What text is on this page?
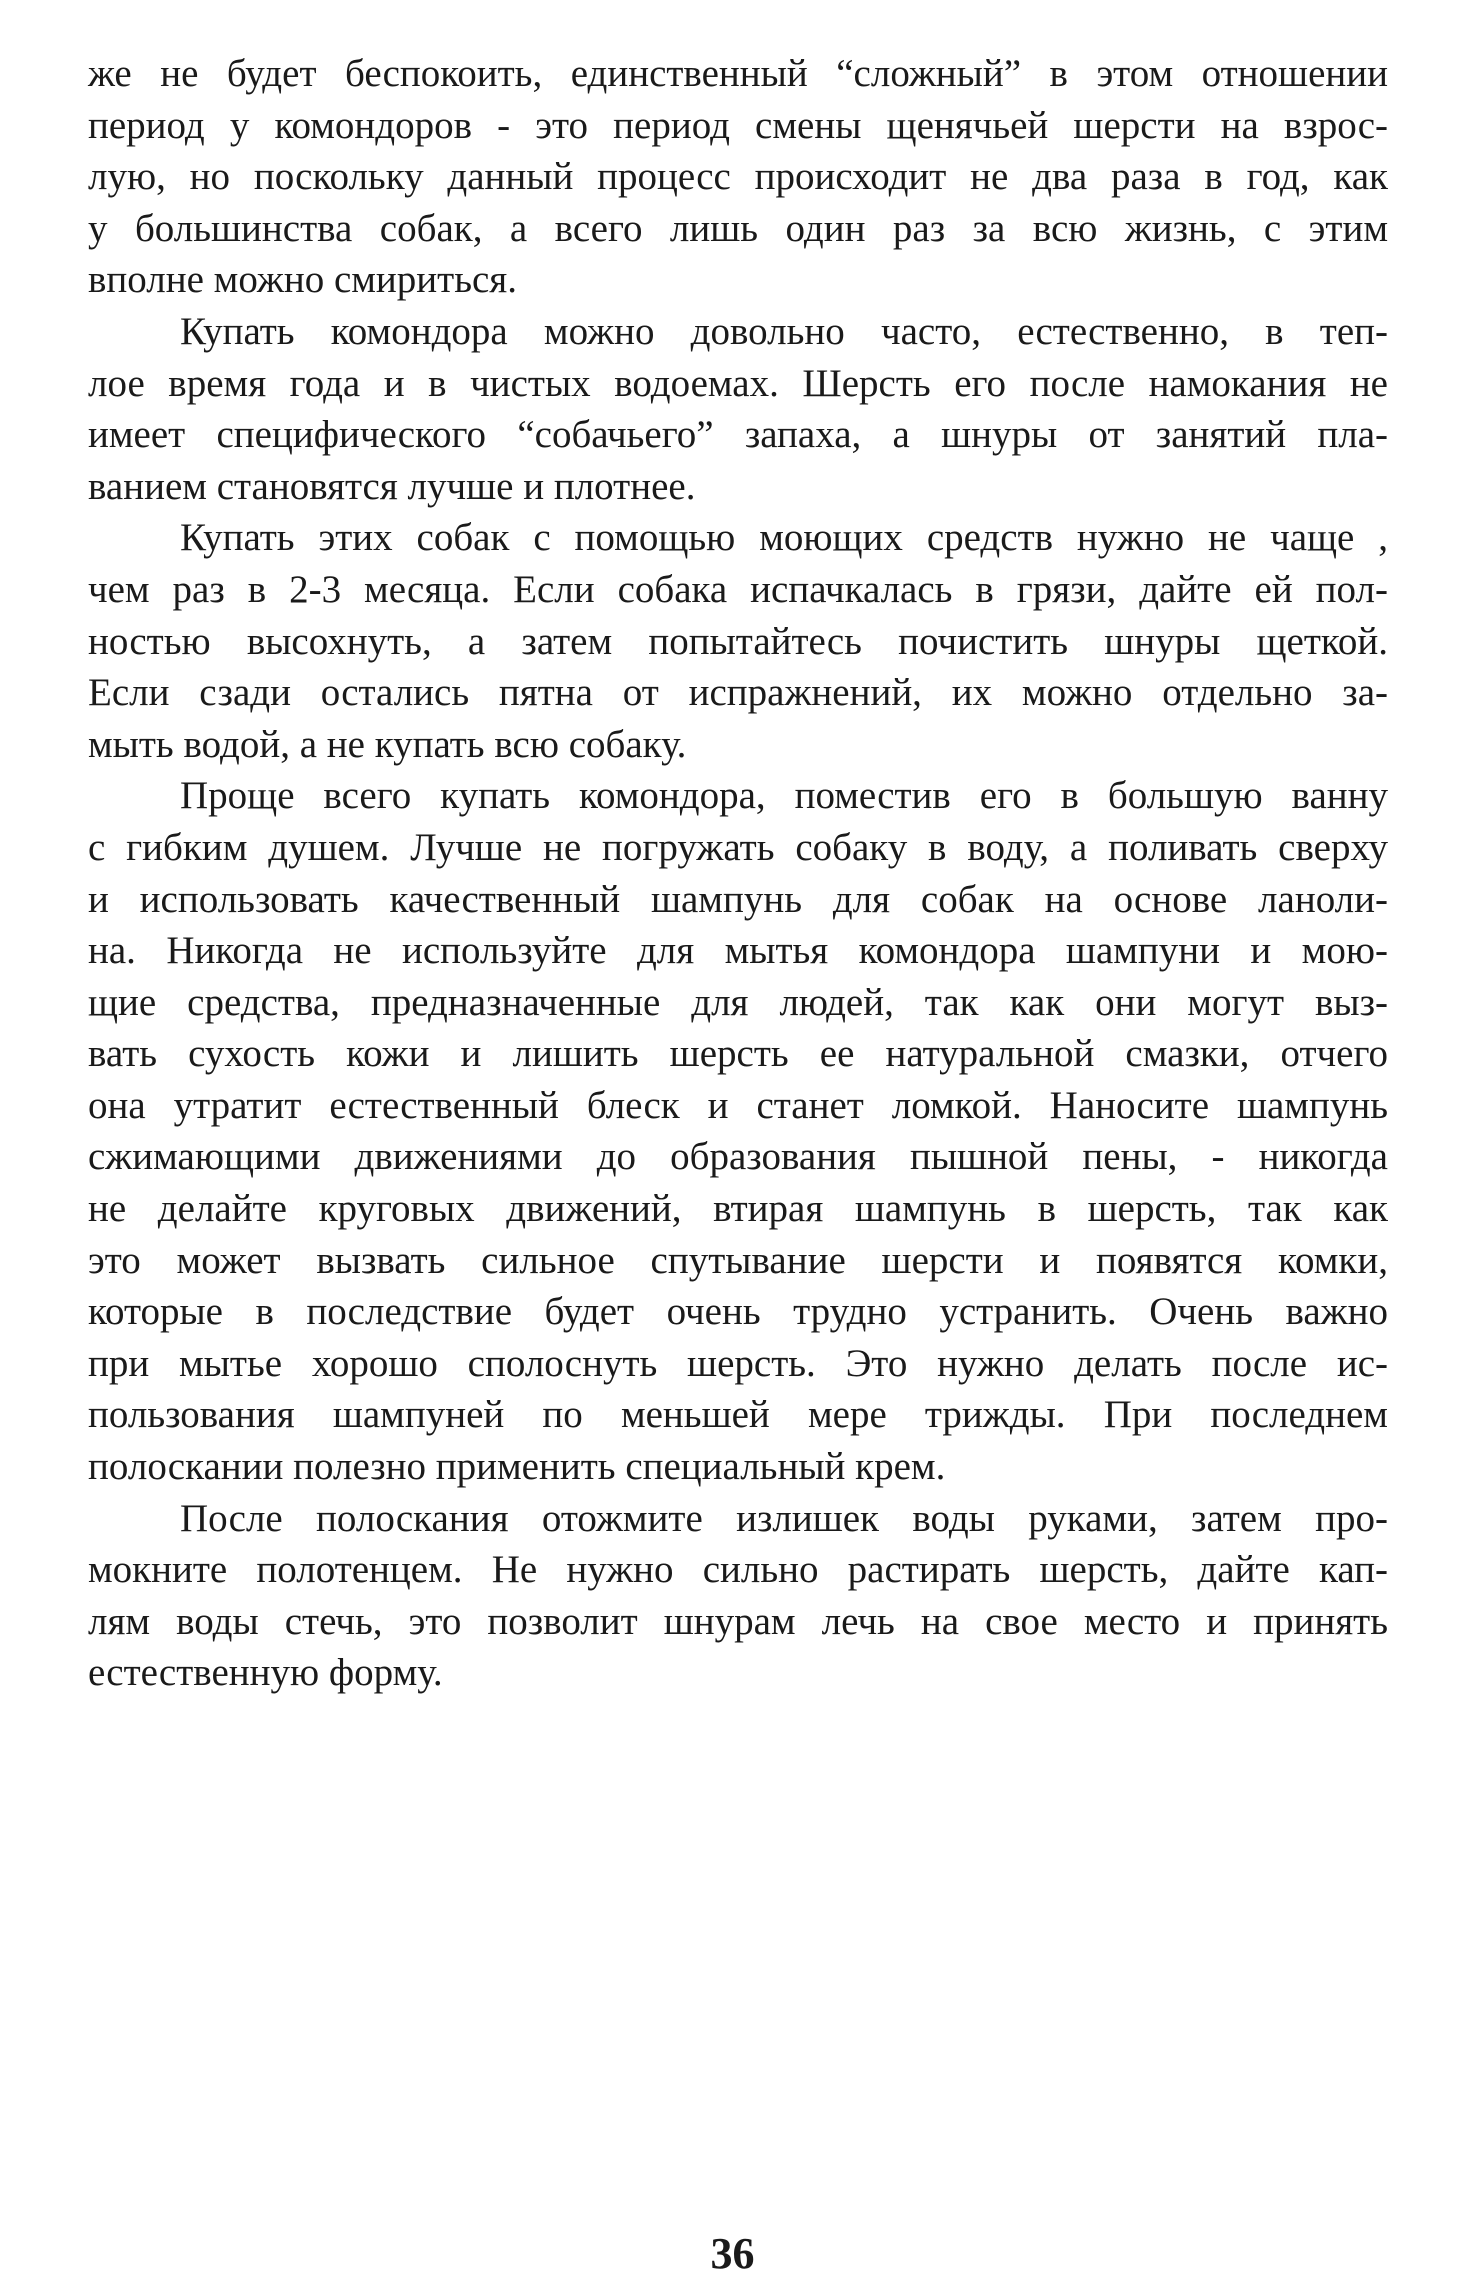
же не будет беспокоить, единственный “сложный” в этом отношении
период у комондоров - это период смены щенячьей шерсти на взрос-
лую, но поскольку данный процесс происходит не два раза в год, как
у большинства собак, а всего лишь один раз за всю жизнь, с этим
вполне можно смириться.
Купать комондора можно довольно часто, естественно, в теп-
лое время года и в чистых водоемах. Шерсть его после намокания не
имеет специфического “собачьего” запаха, а шнуры от занятий пла-
ванием становятся лучше и плотнее.
Купать этих собак с помощью моющих средств нужно не чаще ,
чем раз в 2-3 месяца. Если собака испачкалась в грязи, дайте ей пол-
ностью высохнуть, а затем попытайтесь почистить шнуры щеткой.
Если сзади остались пятна от испражнений, их можно отдельно за-
мыть водой, а не купать всю собаку.
Проще всего купать комондора, поместив его в большую ванну
с гибким душем. Лучше не погружать собаку в воду, а поливать сверху
и использовать качественный шампунь для собак на основе ланоли-
на. Никогда не используйте для мытья комондора шампуни и мою-
щие средства, предназначенные для людей, так как они могут выз-
вать сухость кожи и лишить шерсть ее натуральной смазки, отчего
она утратит естественный блеск и станет ломкой. Наносите шампунь
сжимающими движениями до образования пышной пены, - никогда
не делайте круговых движений, втирая шампунь в шерсть, так как
это может вызвать сильное спутывание шерсти и появятся комки,
которые в последствие будет очень трудно устранить. Очень важно
при мытье хорошо сполоснуть шерсть. Это нужно делать после ис-
пользования шампуней по меньшей мере трижды. При последнем
полоскании полезно применить специальный крем.
После полоскания отожмите излишек воды руками, затем про-
мокните полотенцем. Не нужно сильно растирать шерсть, дайте кап-
лям воды стечь, это позволит шнурам лечь на свое место и принять
естественную форму.
36
